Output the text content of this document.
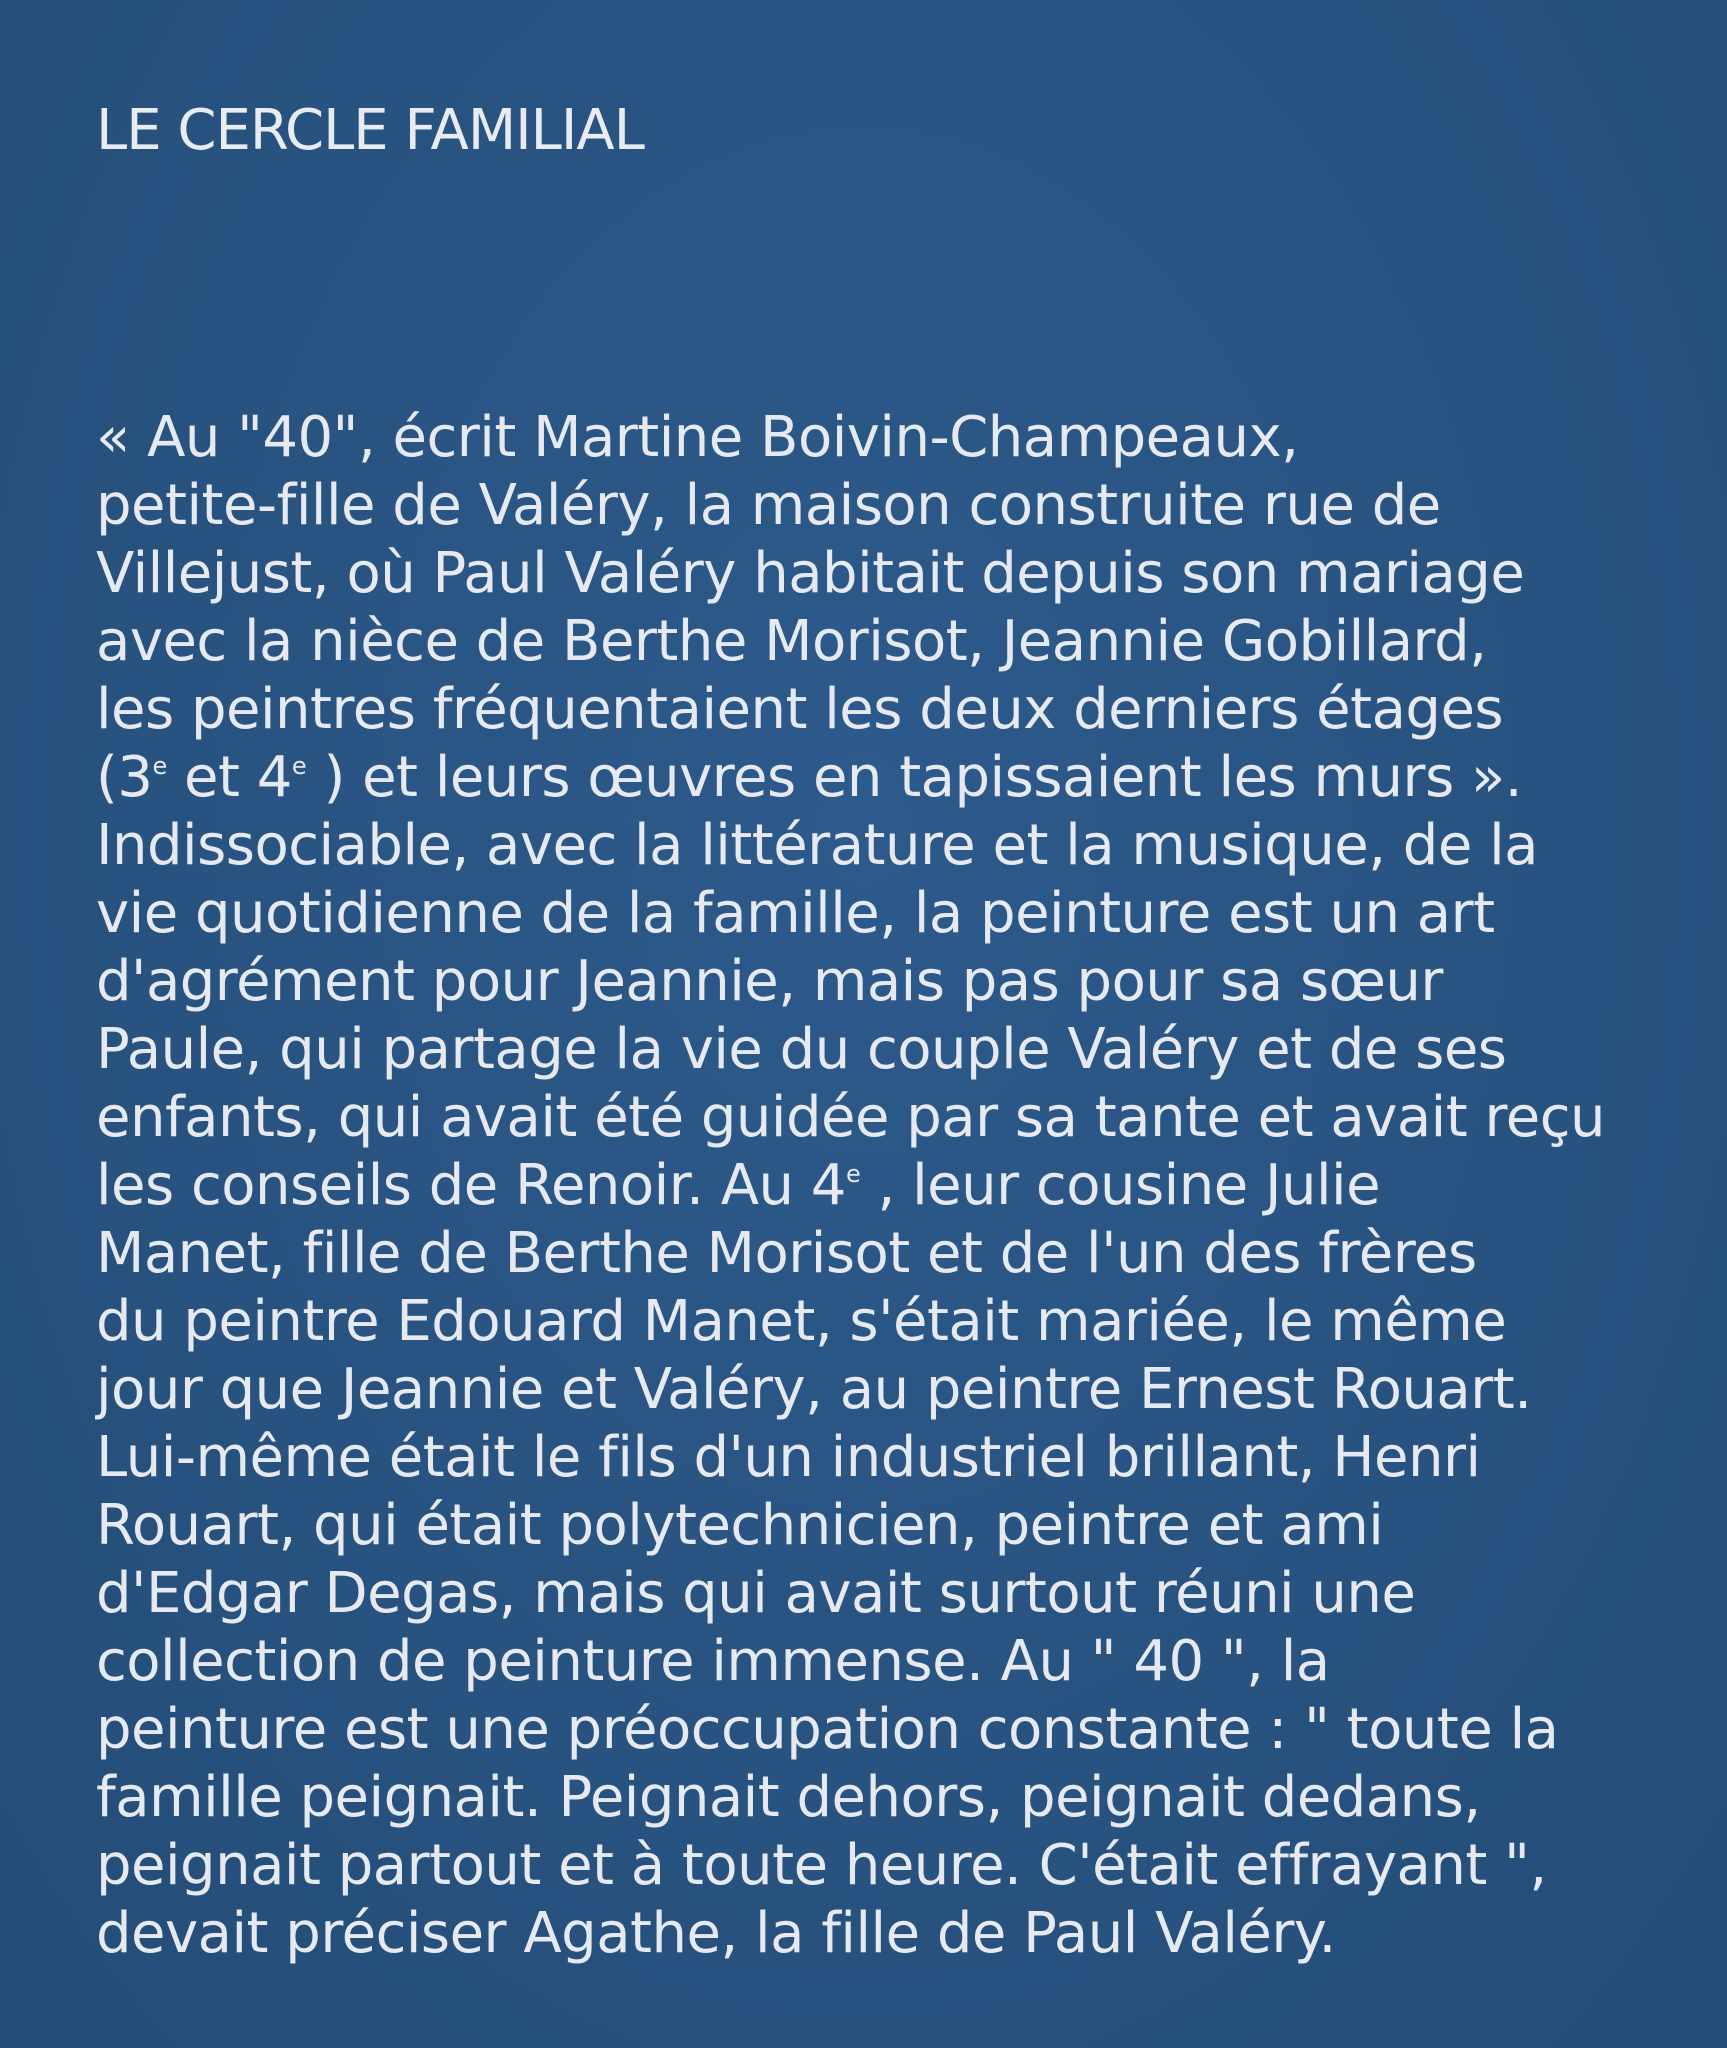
LE CERCLE FAMILIAL
« Au "40", écrit Martine Boivin-Champeaux,
petite-fille de Valéry, la maison construite rue de
Villejust, où Paul Valéry habitait depuis son mariage
avec la nièce de Berthe Morisot, Jeannie Gobillard,
les peintres fréquentaient les deux derniers étages
(3e et 4e ) et leurs œuvres en tapissaient les murs ».
Indissociable, avec la littérature et la musique, de la
vie quotidienne de la famille, la peinture est un art
d'agrément pour Jeannie, mais pas pour sa sœur
Paule, qui partage la vie du couple Valéry et de ses
enfants, qui avait été guidée par sa tante et avait reçu
les conseils de Renoir. Au 4e , leur cousine Julie
Manet, fille de Berthe Morisot et de l'un des frères
du peintre Edouard Manet, s'était mariée, le même
jour que Jeannie et Valéry, au peintre Ernest Rouart.
Lui-même était le fils d'un industriel brillant, Henri
Rouart, qui était polytechnicien, peintre et ami
d'Edgar Degas, mais qui avait surtout réuni une
collection de peinture immense. Au " 40 ", la
peinture est une préoccupation constante : " toute la
famille peignait. Peignait dehors, peignait dedans,
peignait partout et à toute heure. C'était effrayant ",
devait préciser Agathe, la fille de Paul Valéry.
